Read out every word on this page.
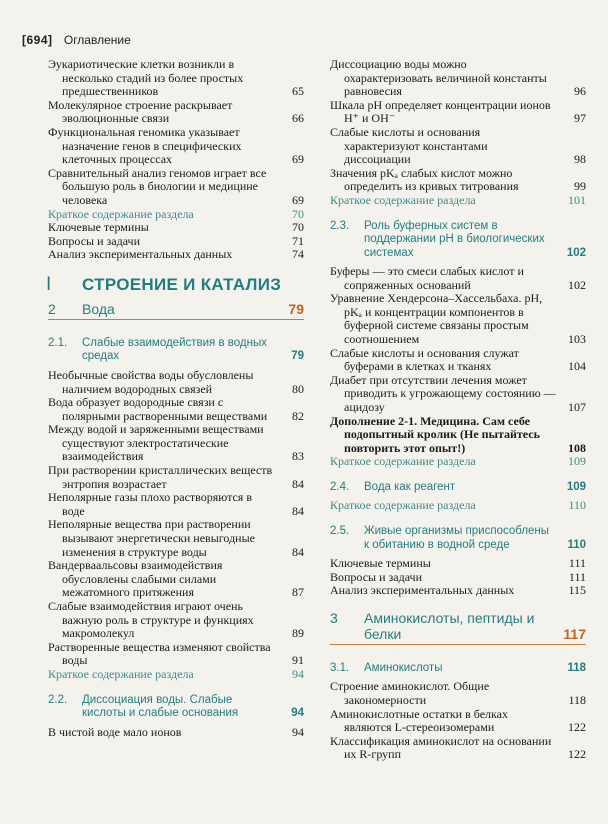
[694] Оглавление
Эукариотические клетки возникли в несколько стадий из более простых предшественников	65
Молекулярное строение раскрывает эволюционные связи	66
Функциональная геномика указывает назначение генов в специфических клеточных процессах	69
Сравнительный анализ геномов играет все большую роль в биологии и медицине человека	69
Краткое содержание раздела	70
Ключевые термины	70
Вопросы и задачи	71
Анализ экспериментальных данных	74
I СТРОЕНИЕ И КАТАЛИЗ
2	Вода	79
2.1.	Слабые взаимодействия в водных средах	79
Необычные свойства воды обусловлены наличием водородных связей	80
Вода образует водородные связи с полярными растворенными веществами	82
Между водой и заряженными веществами существуют электростатические взаимодействия	83
При растворении кристаллических веществ энтропия возрастает	84
Неполярные газы плохо растворяются в воде	84
Неполярные вещества при растворении вызывают энергетически невыгодные изменения в структуре воды	84
Вандерваальсовы взаимодействия обусловлены слабыми силами межатомного притяжения	87
Слабые взаимодействия играют очень важную роль в структуре и функциях макромолекул	89
Растворенные вещества изменяют свойства воды	91
Краткое содержание раздела	94
2.2.	Диссоциация воды. Слабые кислоты и слабые основания	94
В чистой воде мало ионов	94
Диссоциацию воды можно охарактеризовать величиной константы равновесия	96
Шкала pH определяет концентрации ионов H⁺ и OH⁻	97
Слабые кислоты и основания характеризуют константами диссоциации	98
Значения pKₐ слабых кислот можно определить из кривых титрования	99
Краткое содержание раздела	101
2.3.	Роль буферных систем в поддержании pH в биологических системах	102
Буферы — это смеси слабых кислот и сопряженных оснований	102
Уравнение Хендерсона–Хассельбаха. pH, pKₐ и концентрации компонентов в буферной системе связаны простым соотношением	103
Слабые кислоты и основания служат буферами в клетках и тканях	104
Диабет при отсутствии лечения может приводить к угрожающему состоянию — ацидозу	107
Дополнение 2-1. Медицина. Сам себе подопытный кролик (Не пытайтесь повторить этот опыт!)	108
Краткое содержание раздела	109
2.4.	Вода как реагент	109
Краткое содержание раздела	110
2.5.	Живые организмы приспособлены к обитанию в водной среде	110
Ключевые термины	111
Вопросы и задачи	111
Анализ экспериментальных данных	115
3	Аминокислоты, пептиды и белки	117
3.1.	Аминокислоты	118
Строение аминокислот. Общие закономерности	118
Аминокислотные остатки в белках являются L-стереоизомерами	122
Классификация аминокислот на основании их R-групп	122
